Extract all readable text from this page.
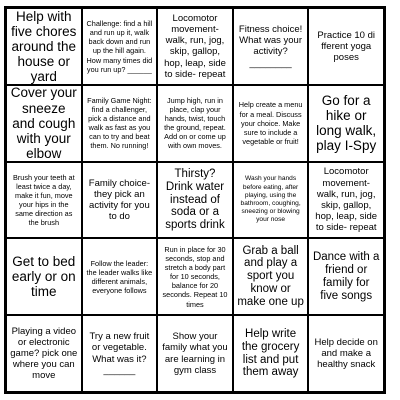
Help with five chores around the house or yard
Challenge: find a hill and run up it, walk back down and run up the hill again. How many times did you run up? ______
Locomotor movement- walk, run, jog, skip, gallop, hop, leap, side to side- repeat
Fitness choice! What was your activity? ________
Practice 10 di fferent yoga poses
Cover your sneeze and cough with your elbow
Family Game Night: find a challenger, pick a distance and walk as fast as you can to try and beat them. No running!
Jump high, run in place, clap your hands, twist, touch the ground, repeat. Add on or come up with own moves.
Help create a menu for a meal. Discuss your choice. Make sure to include a vegetable or fruit!
Go for a hike or long walk, play I-Spy
Brush your teeth at least twice a day, make it fun, move your hips in the same direction as the brush
Family choice- they pick an activity for you to do
Thirsty? Drink water instead of soda or a sports drink
Wash your hands before eating, after playing, using the bathroom, coughing, sneezing or blowing your nose
Locomotor movement- walk, run, jog, skip, gallop, hop, leap, side to side- repeat
Get to bed early or on time
Follow the leader: the leader walks like different animals, everyone follows
Run in place for 30 seconds, stop and stretch a body part for 10 seconds, balance for 20 seconds. Repeat 10 times
Grab a ball and play a sport you know or make one up
Dance with a friend or family for five songs
Playing a video or electronic game? pick one where you can move
Try a new fruit or vegetable. What was it? ______
Show your family what you are learning in gym class
Help write the grocery list and put them away
Help decide on and make a healthy snack
